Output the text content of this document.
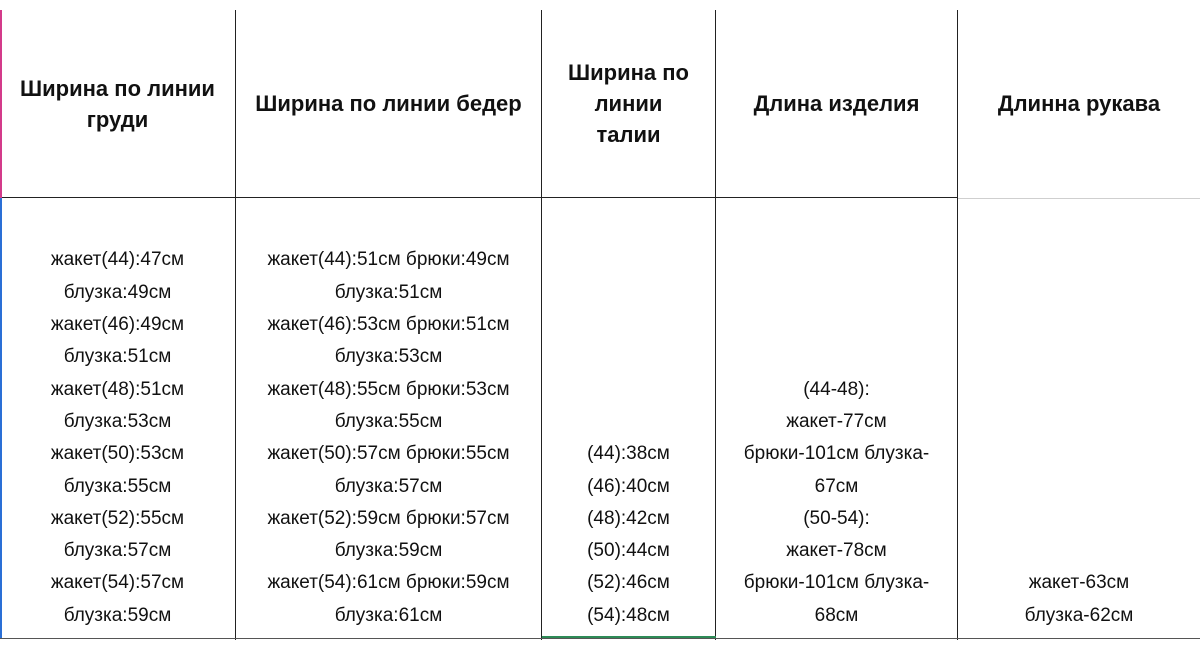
Ширина по линии груди
Ширина по линии бедер
Ширина по линии талии
Длина изделия	Длинна рукава
жакет(44):47см
блузка:49см
жакет(46):49см
блузка:51см
жакет(48):51см
блузка:53см
жакет(50):53см
блузка:55см
жакет(52):55см
блузка:57см
жакет(54):57см
блузка:59см
жакет(44):51см брюки:49см
блузка:51см
жакет(46):53см брюки:51см
блузка:53см
жакет(48):55см брюки:53см
блузка:55см
жакет(50):57см брюки:55см
блузка:57см
жакет(52):59см брюки:57см
блузка:59см
жакет(54):61см брюки:59см
блузка:61см
(44):38см
(46):40см
(48):42см
(50):44см
(52):46см
(54):48см
(44-48):
жакет-77см
брюки-101см блузка-
67см
(50-54):
жакет-78см
брюки-101см блузка-
68см
жакет-63см
блузка-62см
